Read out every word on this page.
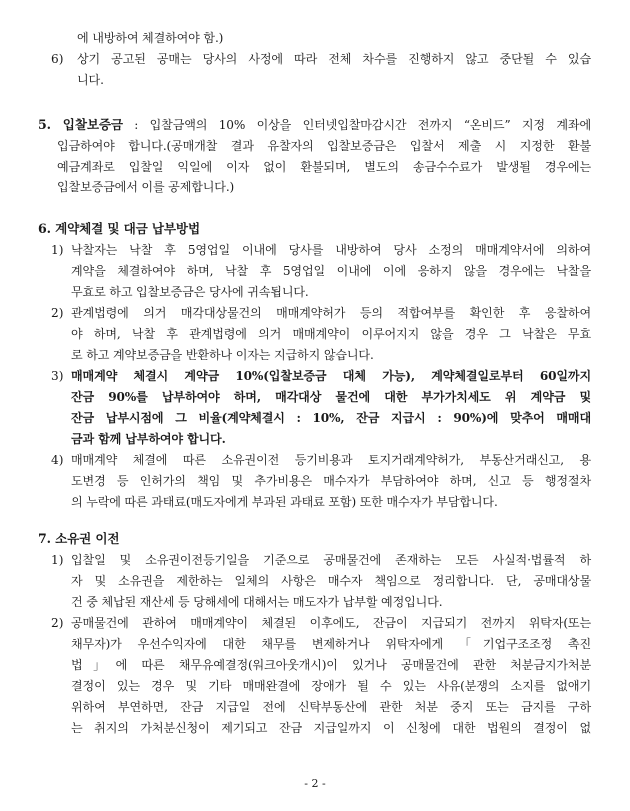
에 내방하여 체결하여야 함.)
6) 상기 공고된 공매는 당사의 사정에 따라 전체 차수를 진행하지 않고 중단될 수 있습
니다.
5. 입찰보증금 : 입찰금액의 10% 이상을 인터넷입찰마감시간 전까지 “온비드” 지정 계좌에
입금하여야 합니다.(공매개찰 결과 유찰자의 입찰보증금은 입찰서 제출 시 지정한 환불
예금계좌로 입찰일 익일에 이자 없이 환불되며, 별도의 송금수수료가 발생될 경우에는
입찰보증금에서 이를 공제합니다.)
6. 계약체결 및 대금 납부방법
1) 낙찰자는 낙찰 후 5영업일 이내에 당사를 내방하여 당사 소정의 매매계약서에 의하여
계약을 체결하여야 하며, 낙찰 후 5영업일 이내에 이에 응하지 않을 경우에는 낙찰을
무효로 하고 입찰보증금은 당사에 귀속됩니다.
2) 관계법령에 의거 매각대상물건의 매매계약허가 등의 적합여부를 확인한 후 응찰하여
야 하며, 낙찰 후 관계법령에 의거 매매계약이 이루어지지 않을 경우 그 낙찰은 무효
로 하고 계약보증금을 반환하나 이자는 지급하지 않습니다.
3) 매매계약 체결시 계약금 10%(입찰보증금 대체 가능), 계약체결일로부터 60일까지
잔금 90%를 납부하여야 하며, 매각대상 물건에 대한 부가가치세도 위 계약금 및
잔금 납부시점에 그 비율(계약체결시 : 10%, 잔금 지급시 : 90%)에 맞추어 매매대
금과 함께 납부하여야 합니다.
4) 매매계약 체결에 따른 소유권이전 등기비용과 토지거래계약허가, 부동산거래신고, 용
도변경 등 인허가의 책임 및 추가비용은 매수자가 부담하여야 하며, 신고 등 행정절차
의 누락에 따른 과태료(매도자에게 부과된 과태료 포함) 또한 매수자가 부담합니다.
7. 소유권 이전
1) 입찰일 및 소유권이전등기일을 기준으로 공매물건에 존재하는 모든 사실적·법률적 하
자 및 소유권을 제한하는 일체의 사항은 매수자 책임으로 정리합니다. 단, 공매대상물
건 중 체납된 재산세 등 당해세에 대해서는 매도자가 납부할 예정입니다.
2) 공매물건에 관하여 매매계약이 체결된 이후에도, 잔금이 지급되기 전까지 위탁자(또는
채무자)가 우선수익자에 대한 채무를 변제하거나 위탁자에게 「기업구조조정 촉진
법」에 따른 채무유예결정(워크아웃개시)이 있거나 공매물건에 관한 처분금지가처분
결정이 있는 경우 및 기타 매매완결에 장애가 될 수 있는 사유(분쟁의 소지를 없애기
위하여 부연하면, 잔금 지급일 전에 신탁부동산에 관한 처분 중지 또는 금지를 구하
는 취지의 가처분신청이 제기되고 잔금 지급일까지 이 신청에 대한 법원의 결정이 없
- 2 -
